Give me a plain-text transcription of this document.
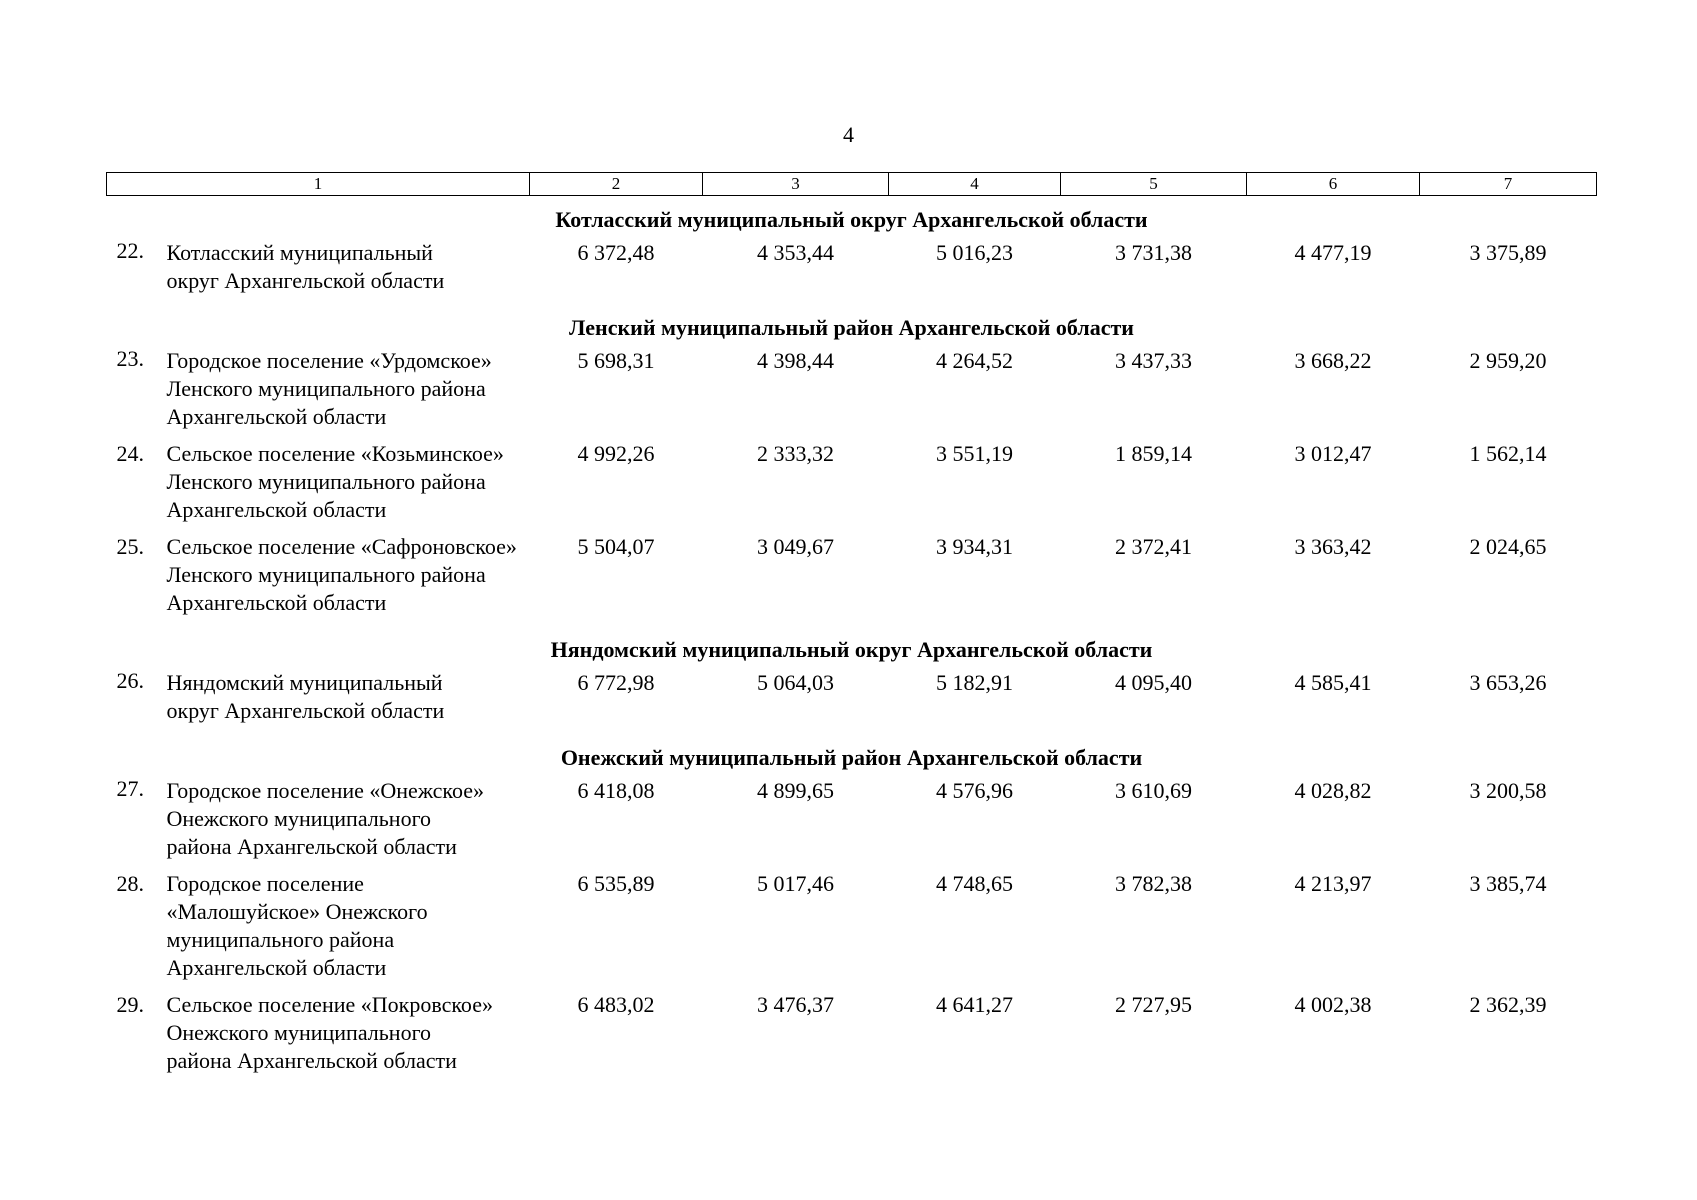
4
1	2	3	4	5	6	7
Котласский муниципальный округ Архангельской области						

22. Котласский муниципальный
округ Архангельской области	6 372,48	4 353,44	5 016,23	3 731,38	4 477,19	3 375,89
Ленский муниципальный район Архангельской области						

23. Городское поселение «Урдомское»
Ленского муниципального района
Архангельской области	5 698,31	4 398,44	4 264,52	3 437,33	3 668,22	2 959,20

24. Сельское поселение «Козьминское»
Ленского муниципального района
Архангельской области	4 992,26	2 333,32	3 551,19	1 859,14	3 012,47	1 562,14

25. Сельское поселение «Сафроновское»
Ленского муниципального района
Архангельской области	5 504,07	3 049,67	3 934,31	2 372,41	3 363,42	2 024,65
Няндомский муниципальный округ Архангельской области						

26. Няндомский муниципальный
округ Архангельской области	6 772,98	5 064,03	5 182,91	4 095,40	4 585,41	3 653,26
Онежский муниципальный район Архангельской области						

27. Городское поселение «Онежское»
Онежского муниципального
района Архангельской области	6 418,08	4 899,65	4 576,96	3 610,69	4 028,82	3 200,58

28. Городское поселение
«Малошуйское» Онежского
муниципального района
Архангельской области	6 535,89	5 017,46	4 748,65	3 782,38	4 213,97	3 385,74

29. Сельское поселение «Покровское»
Онежского муниципального
района Архангельской области	6 483,02	3 476,37	4 641,27	2 727,95	4 002,38	2 362,39
